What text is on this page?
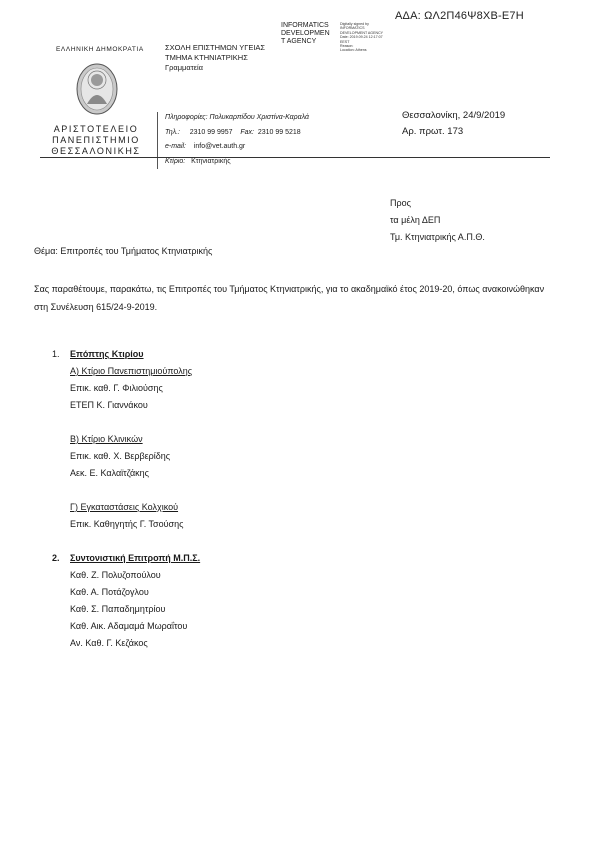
ΑΔΑ: ΩΛ2Π46Ψ8ΧΒ-Ε7Η
ΕΛΛΗΝΙΚΗ ΔΗΜΟΚΡΑΤΙΑ
ΑΡΙΣΤΟΤΕΛΕΙΟ
ΠΑΝΕΠΙΣΤΗΜΙΟ
ΘΕΣΣΑΛΟΝΙΚΗΣ
ΣΧΟΛΗ ΕΠΙΣΤΗΜΩΝ ΥΓΕΙΑΣ
ΤΜΗΜΑ ΚΤΗΝΙΑΤΡΙΚΗΣ
Γραμματεία
INFORMATICS
DEVELOPMEN
T AGENCY
Digitally signed by
INFORMATICS
DEVELOPMENT AGENCY
Date: 2019.09.24 12:17:07
EEST
Reason:
Location: Athens
Πληροφορίες: Πολυκαρπίδου Χριστίνα-Καραλά
Τηλ.: 2310 99 9957 Fax: 2310 99 5218
e-mail: info@vet.auth.gr
Κτίριο: Κτηνιατρικής
Θεσσαλονίκη, 24/9/2019
Αρ. πρωτ. 173
Προς
τα μέλη ΔΕΠ
Τμ. Κτηνιατρικής Α.Π.Θ.
Θέμα: Επιτροπές του Τμήματος Κτηνιατρικής
Σας παραθέτουμε, παρακάτω, τις Επιτροπές του Τμήματος Κτηνιατρικής, για το ακαδημαϊκό έτος 2019-20, όπως ανακοινώθηκαν στη Συνέλευση 615/24-9-2019.
1.	Επόπτης Κτιρίου
Α) Κτίριο Πανεπιστημιούπολης
Επικ. καθ. Γ. Φιλιούσης
ΕΤΕΠ Κ. Γιαννάκου
Β) Κτίριο Κλινικών
Επικ. καθ. Χ. Βερβερίδης
Αεκ. Ε. Καλαϊτζάκης
Γ) Εγκαταστάσεις Κολχικού
Επικ. Καθηγητής Γ. Τσούσης
2.	Συντονιστική Επιτροπή Μ.Π.Σ.
Καθ. Ζ. Πολυζοπούλου
Καθ. Α. Ποτάζογλου
Καθ. Σ. Παπαδημητρίου
Καθ. Αικ. Αδαμαμά Μωραΐτου
Αν. Καθ. Γ. Κεζάκος
